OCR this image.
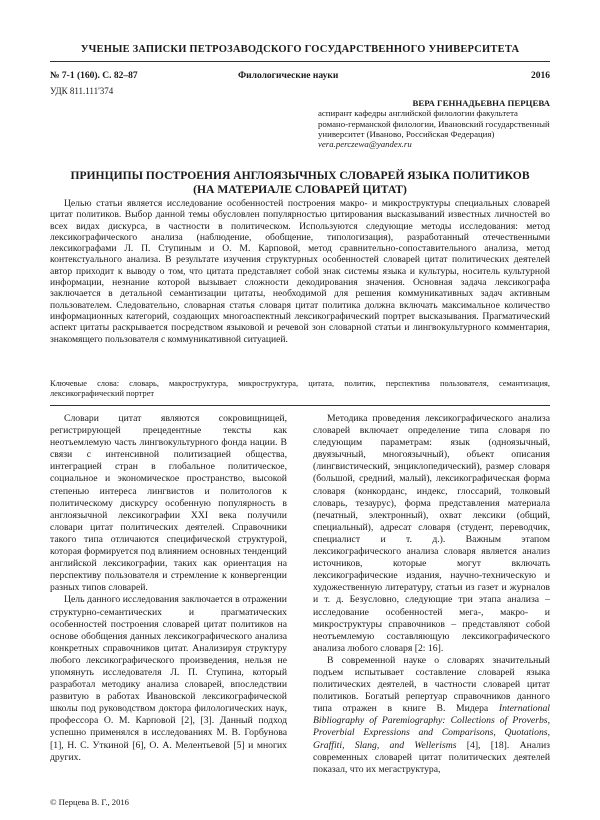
УЧЕНЫЕ ЗАПИСКИ ПЕТРОЗАВОДСКОГО ГОСУДАРСТВЕННОГО УНИВЕРСИТЕТА
№ 7-1 (160). С. 82–87	Филологические науки	2016
УДК 811.111'374
ВЕРА ГЕННАДЬЕВНА ПЕРЦЕВА
аспирант кафедры английской филологии факультета романо-германской филологии, Ивановский государственный университет (Иваново, Российская Федерация)
vera.perczewa@yandex.ru
ПРИНЦИПЫ ПОСТРОЕНИЯ АНГЛОЯЗЫЧНЫХ СЛОВАРЕЙ ЯЗЫКА ПОЛИТИКОВ (НА МАТЕРИАЛЕ СЛОВАРЕЙ ЦИТАТ)

Целью статьи является исследование особенностей построения макро- и микроструктуры специальных словарей цитат политиков. Выбор данной темы обусловлен популярностью цитирования высказываний известных личностей во всех видах дискурса, в частности в политическом. Используются следующие методы исследования: метод лексикографического анализа (наблюдение, обобщение, типологизация), разработанный отечественными лексикографами Л. П. Ступиным и О. М. Карповой, метод сравнительно-сопоставительного анализа, метод контекстуального анализа. В результате изучения структурных особенностей словарей цитат политических деятелей автор приходит к выводу о том, что цитата представляет собой знак системы языка и культуры, носитель культурной информации, незнание которой вызывает сложности декодирования значения. Основная задача лексикографа заключается в детальной семантизации цитаты, необходимой для решения коммуникативных задач активным пользователем. Следовательно, словарная статья словаря цитат политика должна включать максимальное количество информационных категорий, создающих многоаспектный лексикографический портрет высказывания. Прагматический аспект цитаты раскрывается посредством языковой и речевой зон словарной статьи и лингвокультурного комментария, знакомящего пользователя с коммуникативной ситуацией.

Ключевые слова: словарь, макроструктура, микроструктура, цитата, политик, перспектива пользователя, семантизация, лексикографический портрет

Словари цитат являются сокровищницей, регистрирующей прецедентные тексты как неотъемлемую часть лингвокультурного фонда нации. В связи с интенсивной политизацией общества, интеграцией стран в глобальное политическое, социальное и экономическое пространство, высокой степенью интереса лингвистов и политологов к политическому дискурсу особенную популярность в англоязычной лексикографии XXI века получили словари цитат политических деятелей. Справочники такого типа отличаются специфической структурой, которая формируется под влиянием основных тенденций английской лексикографии, таких как ориентация на перспективу пользователя и стремление к конвергенции разных типов словарей.

Цель данного исследования заключается в отражении структурно-семантических и прагматических особенностей построения словарей цитат политиков на основе обобщения данных лексикографического анализа конкретных справочников цитат. Анализируя структуру любого лексикографического произведения, нельзя не упомянуть исследователя Л. П. Ступина, который разработал методику анализа словарей, впоследствии развитую в работах Ивановской лексикографической школы под руководством доктора филологических наук, профессора О. М. Карповой [2], [3]. Данный подход успешно применялся в исследованиях М. В. Горбунова [1], Н. С. Уткиной [6], О. А. Мелентьевой [5] и многих других.

Методика проведения лексикографического анализа словарей включает определение типа словаря по следующим параметрам: язык (одноязычный, двуязычный, многоязычный), объект описания (лингвистический, энциклопедический), размер словаря (большой, средний, малый), лексикографическая форма словаря (конкорданс, индекс, глоссарий, толковый словарь, тезаурус), форма представления материала (печатный, электронный), охват лексики (общий, специальный), адресат словаря (студент, переводчик, специалист и т. д.). Важным этапом лексикографического анализа словаря является анализ источников, которые могут включать лексикографические издания, научно-техническую и художественную литературу, статьи из газет и журналов и т. д. Безусловно, следующие три этапа анализа – исследование особенностей мега-, макро- и микроструктуры справочников – представляют собой неотъемлемую составляющую лексикографического анализа любого словаря [2: 16].

В современной науке о словарях значительный подъем испытывает составление словарей языка политических деятелей, в частности словарей цитат политиков. Богатый репертуар справочников данного типа отражен в книге В. Мидера International Bibliography of Paremiography: Collections of Proverbs, Proverbial Expressions and Comparisons, Quotations, Graffiti, Slang, and Wellerisms [4], [18]. Анализ современных словарей цитат политических деятелей показал, что их мегаструктура,

© Перцева В. Г., 2016
